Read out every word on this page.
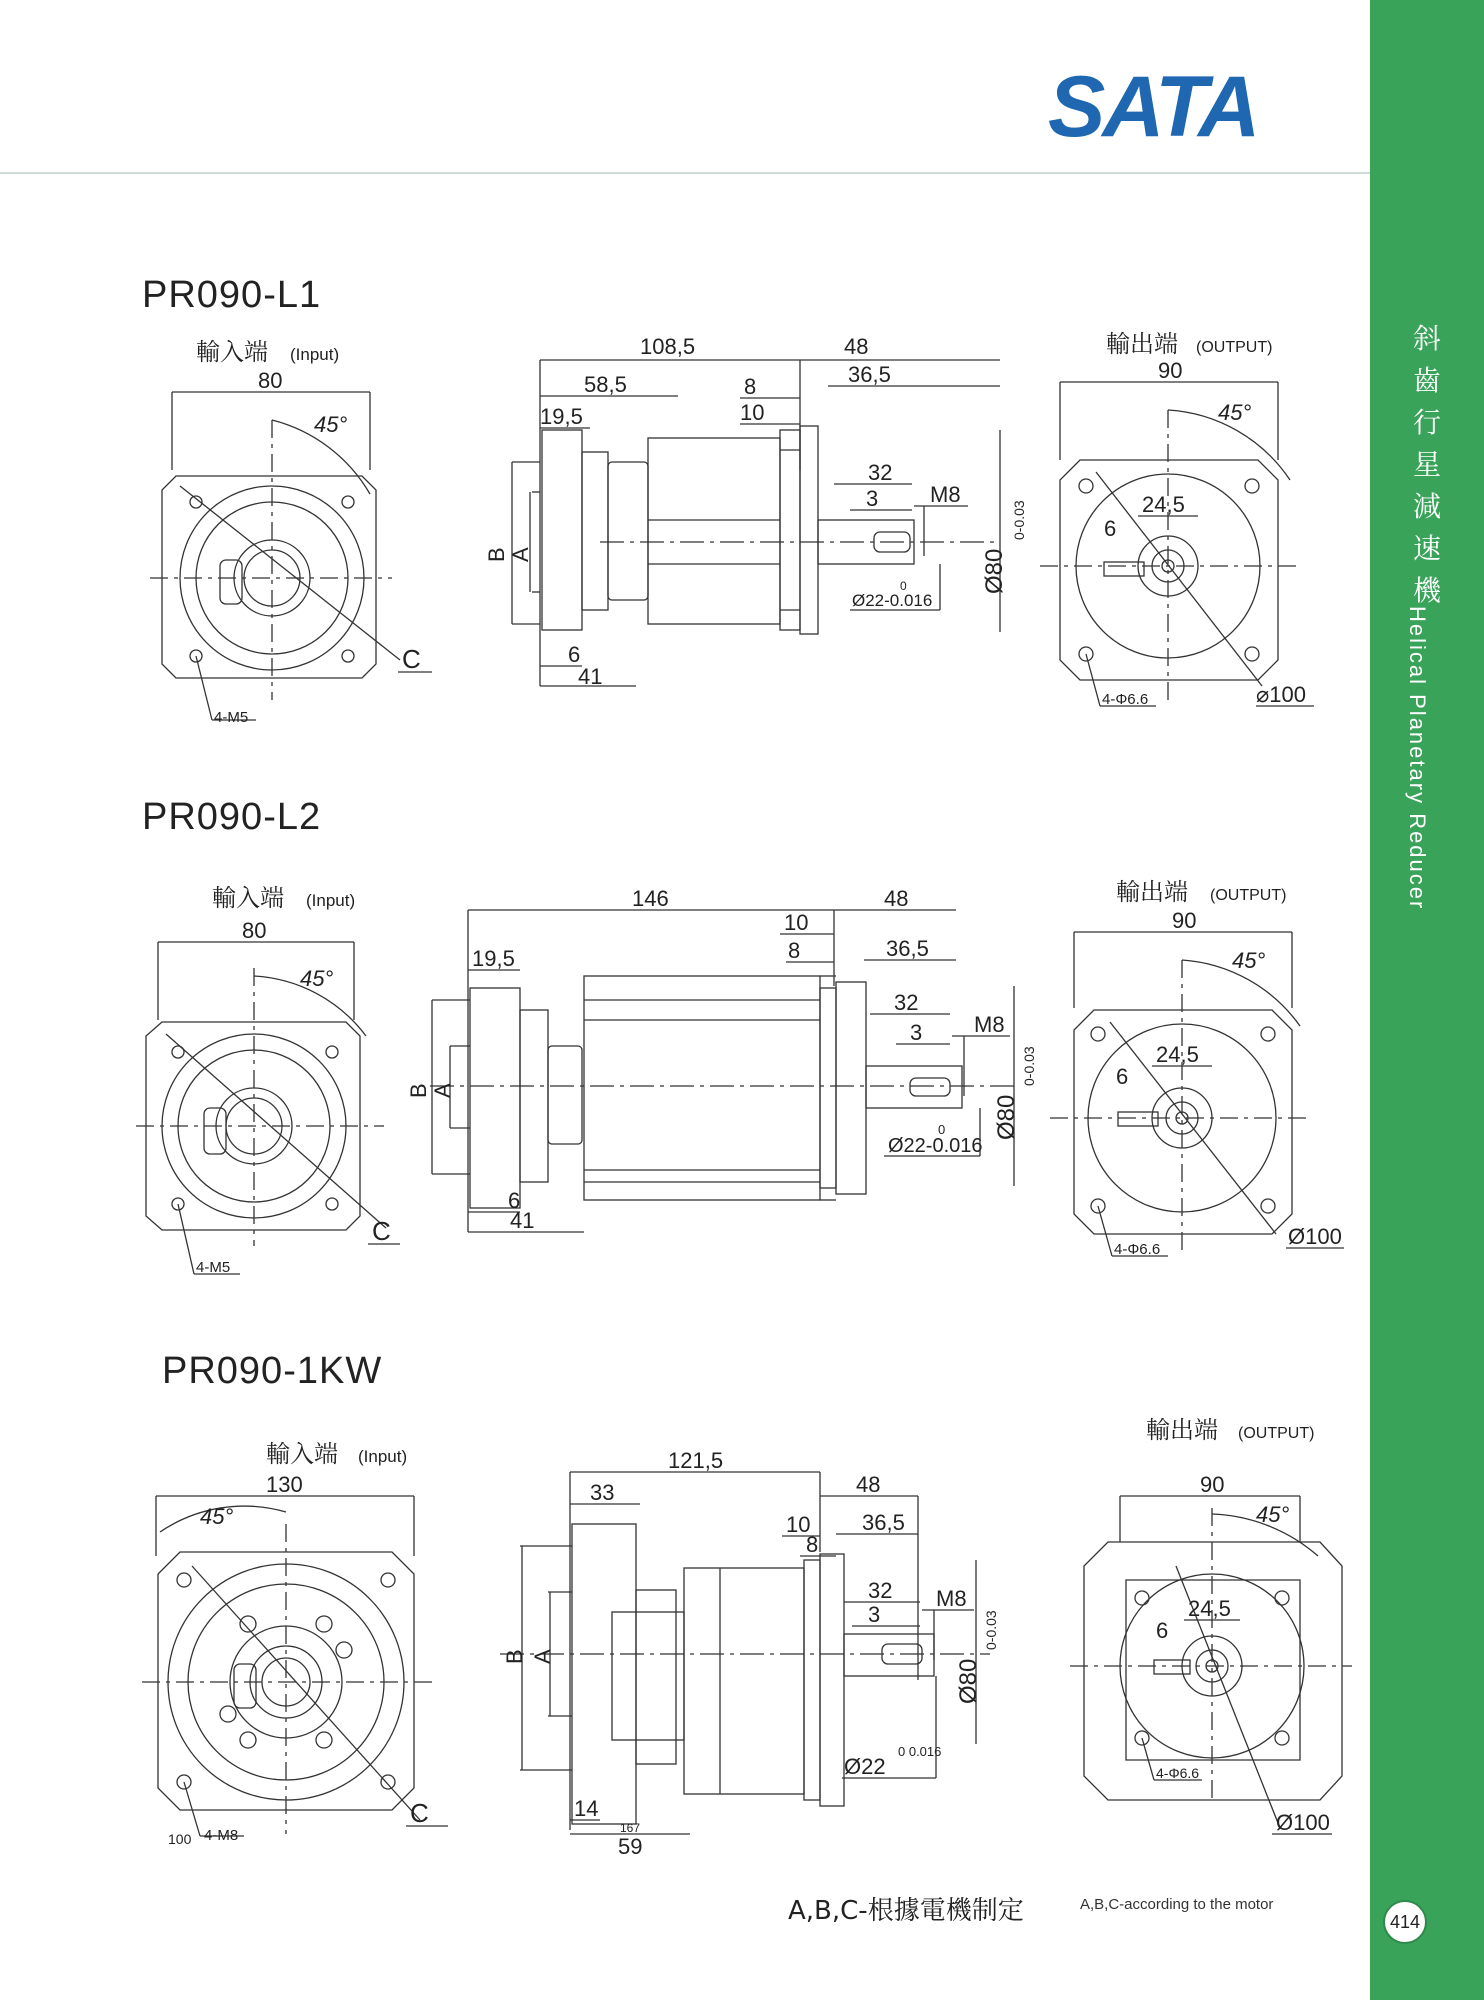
斜
齒
行
星
減
速
機
Helical Planetary Reducer
414
SATA
PR090-L1
PR090-L2
PR090-1KW
輸入端 (Input)
80
45°
C
4-M5
108,5	48
58,5	8	36,5
19,5	10
B A
32
3 M8
Ø22-0.016
0	Ø80
0-0.03
6
41
輸出端 (OUTPUT)
90
45°
24,5
6
⌀100
4-Φ6.6
輸入端 (Input)
80
45°
C
4-M5
146	48
10
8	36,5
19,5
B A
32
3 M8
Ø22-0.016
0 Ø80
0-0.03
6
41
輸出端 (OUTPUT)
90
45°
24,5
6
Ø100
4-Φ6.6
輸入端 (Input)
130
45°
C
4-M8
100
121,5
48
33
10
8
36,5
B A
32
3
M8
Ø22
0 0.016
Ø80
0-0.03
14
167
59
輸出端 (OUTPUT)
90
45°
24,5
6
Ø100
4-Φ6.6
A,B,C-根據電機制定	A,B,C-according to the motor
